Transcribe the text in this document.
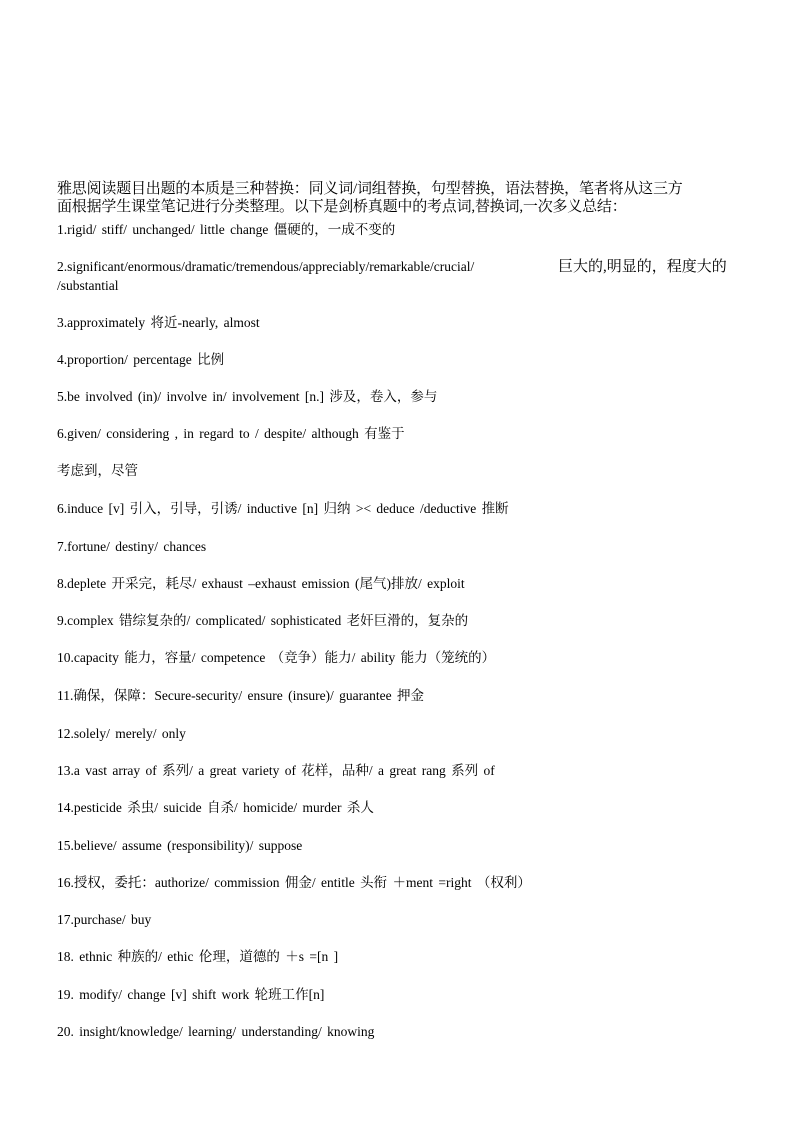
雅思阅读题目出题的本质是三种替换：同义词/词组替换，句型替换，语法替换，笔者将从这三方
面根据学生课堂笔记进行分类整理。以下是剑桥真题中的考点词,替换词,一次多义总结：
1.rigid/ stiff/ unchanged/ little change 僵硬的，一成不变的
2.significant/enormous/dramatic/tremendous/appreciably/remarkable/crucial/	巨大的,明显的，程度大的
/substantial
3.approximately 将近-nearly, almost
4.proportion/ percentage 比例
5.be involved (in)/ involve in/ involvement [n.] 涉及，卷入，参与
6.given/ considering , in regard to / despite/ although 有鉴于
考虑到，尽管
6.induce [v] 引入，引导，引诱/ inductive [n] 归纳 >< deduce /deductive 推断
7.fortune/ destiny/ chances
8.deplete 开采完，耗尽/ exhaust –exhaust emission (尾气)排放/ exploit
9.complex 错综复杂的/ complicated/ sophisticated 老奸巨滑的，复杂的
10.capacity 能力，容量/ competence （竞争）能力/ ability 能力（笼统的）
11.确保，保障：Secure-security/ ensure (insure)/ guarantee 押金
12.solely/ merely/ only
13.a vast array of 系列/ a great variety of 花样，品种/ a great rang 系列 of
14.pesticide 杀虫/ suicide 自杀/ homicide/ murder 杀人
15.believe/ assume (responsibility)/ suppose
16.授权，委托：authorize/ commission 佣金/ entitle 头衔 ＋ment =right （权利）
17.purchase/ buy
18. ethnic 种族的/ ethic 伦理，道德的 ＋s =[n ]
19. modify/ change [v] shift work 轮班工作[n]
20. insight/knowledge/ learning/ understanding/ knowing
